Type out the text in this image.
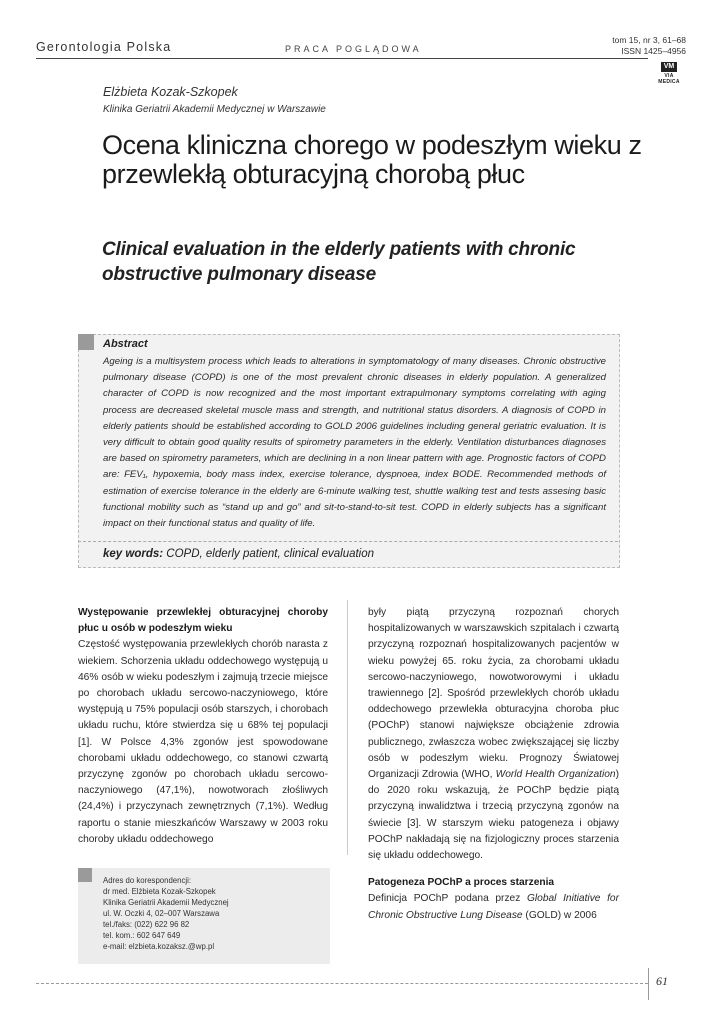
Gerontologia Polska	PRACA POGLĄDOWA
tom 15, nr 3, 61–68
ISSN 1425–4956
VM
VIA MEDICA
Elżbieta Kozak-Szkopek
Klinika Geriatrii Akademii Medycznej w Warszawie
Ocena kliniczna chorego w podeszłym wieku z przewlekłą obturacyjną chorobą płuc
Clinical evaluation in the elderly patients with chronic obstructive pulmonary disease
Abstract
Ageing is a multisystem process which leads to alterations in symptomatology of many diseases. Chronic obstructive pulmonary disease (COPD) is one of the most prevalent chronic diseases in elderly population. A generalized character of COPD is now recognized and the most important extrapulmonary symptoms correlating with aging process are decreased skeletal muscle mass and strength, and nutritional status disorders. A diagnosis of COPD in elderly patients should be established according to GOLD 2006 guidelines including general geriatric evaluation. It is very difficult to obtain good quality results of spirometry parameters in the elderly. Ventilation disturbances diagnoses are based on spirometry parameters, which are declining in a non linear pattern with age. Prognostic factors of COPD are: FEV₁, hypoxemia, body mass index, exercise tolerance, dyspnoea, index BODE. Recommended methods of estimation of exercise tolerance in the elderly are 6-minute walking test, shuttle walking test and tests assesing basic functional mobility such as “stand up and go” and sit-to-stand-to-sit test. COPD in elderly subjects has a significant impact on their functional status and quality of life.
key words: COPD, elderly patient, clinical evaluation

Występowanie przewlekłej obturacyjnej choroby płuc u osób w podeszłym wieku

Częstość występowania przewlekłych chorób narasta z wiekiem. Schorzenia układu oddechowego występują u 46% osób w wieku podeszłym i zajmują trzecie miejsce po chorobach układu sercowo-naczyniowego, które występują u 75% populacji osób starszych, i chorobach układu ruchu, które stwierdza się u 68% tej populacji [1]. W Polsce 4,3% zgonów jest spowodowane chorobami układu oddechowego, co stanowi czwartą przyczynę zgonów po chorobach układu sercowo-naczyniowego (47,1%), nowotworach złośliwych (24,4%) i przyczynach zewnętrznych (7,1%). Według raportu o stanie mieszkańców Warszawy w 2003 roku choroby układu oddechowego

były piątą przyczyną rozpoznań chorych hospitalizowanych w warszawskich szpitalach i czwartą przyczyną rozpoznań hospitalizowanych pacjentów w wieku powyżej 65. roku życia, za chorobami układu sercowo-naczyniowego, nowotworowymi i układu trawiennego [2]. Spośród przewlekłych chorób układu oddechowego przewlekła obturacyjna choroba płuc (POChP) stanowi największe obciążenie zdrowia publicznego, zwłaszcza wobec zwiększającej się liczby osób w podeszłym wieku. Prognozy Światowej Organizacji Zdrowia (WHO, World Health Organization) do 2020 roku wskazują, że POChP będzie piątą przyczyną inwalidztwa i trzecią przyczyną zgonów na świecie [3]. W starszym wieku patogeneza i objawy POChP nakładają się na fizjologiczny proces starzenia się układu oddechowego.

Patogeneza POChP a proces starzenia

Definicja POChP podana przez Global Initiative for Chronic Obstructive Lung Disease (GOLD) w 2006

Adres do korespondencji:
dr med. Elżbieta Kozak-Szkopek
Klinika Geriatrii Akademii Medycznej
ul. W. Oczki 4, 02–007 Warszawa
tel./faks: (022) 622 96 82
tel. kom.: 602 647 649
e-mail: elzbieta.kozaksz.@wp.pl
61
